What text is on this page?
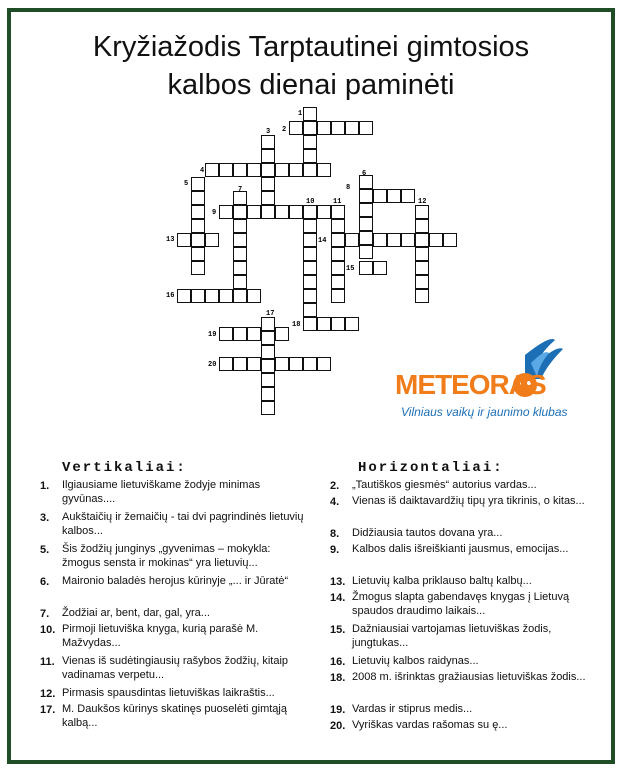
Kryžiažodis Tarptautinei gimtosios
kalbos dienai paminėti
1
2
3
4
5
6
7	8
9
10	11	12
13	14
15
16
17
18
19
20
METEORAS
Vilniaus vaikų ir jaunimo klubas
Vertikaliai:	Horizontaliai:
1. Ilgiausiame lietuviškame žodyje minimas gyvūnas....
3. Aukštaičių ir žemaičių - tai dvi pagrindinės lietuvių kalbos...
5. Šis žodžių junginys „gyvenimas – mokykla: žmogus sensta ir mokinas“ yra lietuvių...
6. Maironio baladės herojus kūrinyje „... ir Jūratė“
7. Žodžiai ar, bent, dar, gal, yra...
10. Pirmoji lietuviška knyga, kurią parašė M. Mažvydas...
11. Vienas iš sudėtingiausių rašybos žodžių, kitaip vadinamas verpetu...
12. Pirmasis spausdintas lietuviškas laikraštis...
17. M. Daukšos kūrinys skatinęs puoselėti gimtąją kalbą...
2. „Tautiškos giesmės“ autorius vardas...
4. Vienas iš daiktavardžių tipų yra tikrinis, o kitas...
8. Didžiausia tautos dovana yra...
9. Kalbos dalis išreiškianti jausmus, emocijas...
13. Lietuvių kalba priklauso baltų kalbų...
14. Žmogus slapta gabendavęs knygas į Lietuvą spaudos draudimo laikais...
15. Dažniausiai vartojamas lietuviškas žodis, jungtukas...
16. Lietuvių kalbos raidynas...
18. 2008 m. išrinktas gražiausias lietuviškas žodis...
19. Vardas ir stiprus medis...
20. Vyriškas vardas rašomas su ę...
